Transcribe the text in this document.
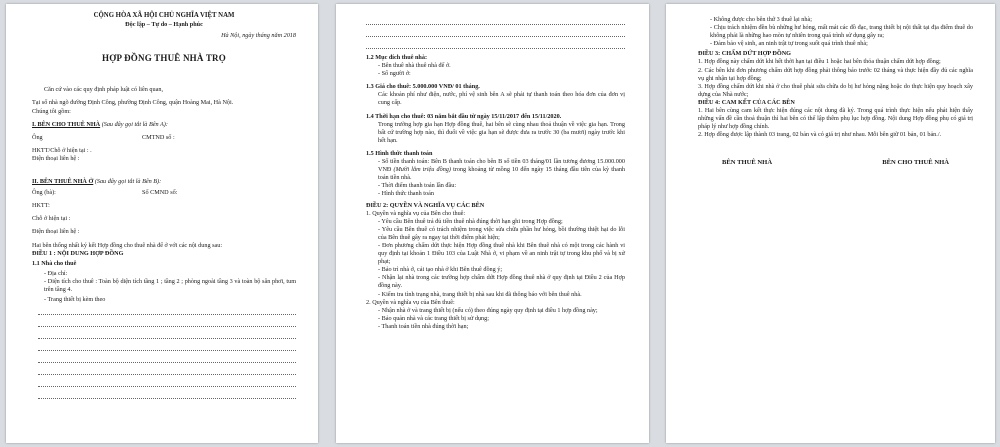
CỘNG HÒA XÃ HỘI CHỦ NGHĨA VIỆT NAM
Độc lập – Tự do – Hạnh phúc
Hà Nội, ngày tháng năm 2018
HỢP ĐỒNG THUÊ NHÀ TRỌ
Căn cứ vào các quy định pháp luật có liên quan,
Tại số nhà ngõ đường Định Công, phường Định Công, quận Hoàng Mai, Hà Nội.
Chúng tôi gồm:
I. BÊN CHO THUÊ NHÀ (Sau đây gọi tắt là Bên A):
Ông	CMTND số :
HKTT/Chỗ ở hiện tại : .
Điện thoại liên hệ :
II. BÊN THUÊ NHÀ Ở (Sau đây gọi tắt là Bên B):
Ông (bà):	Số CMND số:
HKTT:
Chỗ ở hiện tại :
Điện thoại liên hệ :
Hai bên thống nhất ký kết Hợp đồng cho thuê nhà để ở với các nội dung sau:
ĐIỀU 1 : NỘI DUNG HỢP ĐỒNG
1.1 Nhà cho thuê
- Địa chỉ:
- Diện tích cho thuê : Toàn bộ diện tích tầng 1 ; tầng 2 ; phòng ngoài tầng 3 và toàn bộ sân phơi, tum trên tầng 4.
- Trang thiết bị kèm theo
1.2 Mục đích thuê nhà:
- Bên thuê nhà thuê nhà để ở.
- Số người ở:
1.3 Giá cho thuê: 5.000.000 VNĐ/ 01 tháng.
Các khoản phí như điện, nước, phí vệ sinh bên A sẽ phải tự thanh toán theo hóa đơn của đơn vị cung cấp.
1.4 Thời hạn cho thuê: 03 năm bắt đầu từ ngày 15/11/2017 đến 15/11/2020.
Trong trường hợp gia hạn Hợp đồng thuê, hai bên sẽ cùng nhau thoả thuận về việc gia hạn. Trong bất cứ trường hợp nào, thì đuổi về việc gia hạn sẽ được đưa ra trước 30 (ba mươi) ngày trước khi hết hạn.
1.5 Hình thức thanh toán
- Số tiền thanh toán: Bên B thanh toán cho bên B số tiền 03 tháng/01 lần tương đương 15.000.000 VNĐ (Mười lăm triệu đồng) trong khoảng từ mồng 10 đến ngày 15 tháng đầu tiên của kỳ thanh toán tiền nhà.
- Thời điểm thanh toán lần đầu:
- Hình thức thanh toán
ĐIỀU 2: QUYỀN VÀ NGHĨA VỤ CÁC BÊN
1. Quyền và nghĩa vụ của Bên cho thuê:
- Yêu cầu Bên thuê trả đủ tiền thuê nhà đúng thời hạn ghi trong Hợp đồng;
- Yêu cầu Bên thuê có trách nhiệm trong việc sửa chữa phần hư hỏng, bồi thường thiệt hại do lỗi của Bên thuê gây ra ngay tại thời điểm phát hiện;
- Đơn phương chấm dứt thực hiện Hợp đồng thuê nhà khi Bên thuê nhà có một trong các hành vi quy định tại khoản 1 Điều 103 của Luật Nhà ở, vi phạm về an ninh trật tự trong khu phố và bị xử phạt;
- Bảo trì nhà ở, cải tạo nhà ở khi Bên thuê đồng ý;
- Nhận lại nhà trong các trường hợp chấm dứt Hợp đồng thuê nhà ở quy định tại Điều 2 của Hợp đồng này.
- Kiểm tra tình trạng nhà, trang thiết bị nhà sau khi đã thông báo với bên thuê nhà.
2. Quyền và nghĩa vụ của Bên thuê:
- Nhận nhà ở và trang thiết bị (nếu có) theo đúng ngày quy định tại điều 1 hợp đồng này;
- Bảo quản nhà và các trang thiết bị sử dụng;
- Thanh toán tiền nhà đúng thời hạn;
- Không được cho bên thứ 3 thuê lại nhà;
- Chịu trách nhiệm đền bù những hư hỏng, mất mát các đồ đạc, trang thiết bị nội thất tại địa điểm thuê do không phải là những hao mòn tự nhiên trong quá trình sử dụng gây ra;
- Đảm bảo vệ sinh, an ninh trật tự trong suốt quá trình thuê nhà;
ĐIỀU 3: CHẤM DỨT HỢP ĐỒNG
1. Hợp đồng này chấm dứt khi hết thời hạn tại điều 1 hoặc hai bên thỏa thuận chấm dứt hợp đồng;
2. Các bên khi đơn phương chấm dứt hợp đồng phải thông báo trước 02 tháng và thực hiện đầy đủ các nghĩa vụ ghi nhận tại hợp đồng;
3. Hợp đồng chấm dứt khi nhà ở cho thuê phải sửa chữa do bị hư hỏng nặng hoặc do thực hiện quy hoạch xây dựng của Nhà nước;
ĐIỀU 4: CAM KẾT CỦA CÁC BÊN
1. Hai bên cùng cam kết thực hiện đúng các nội dung đã ký. Trong quá trình thực hiện nếu phát hiện thấy những vấn đề cần thoả thuận thì hai bên có thể lập thêm phụ lục hợp đồng. Nội dung Hợp đồng phụ có giá trị pháp lý như hợp đồng chính.
2. Hợp đồng được lập thành 03 trang, 02 bản và có giá trị như nhau. Mỗi bên giữ 01 bản, 01 bản./.
BÊN THUÊ NHÀ	BÊN CHO THUÊ NHÀ
